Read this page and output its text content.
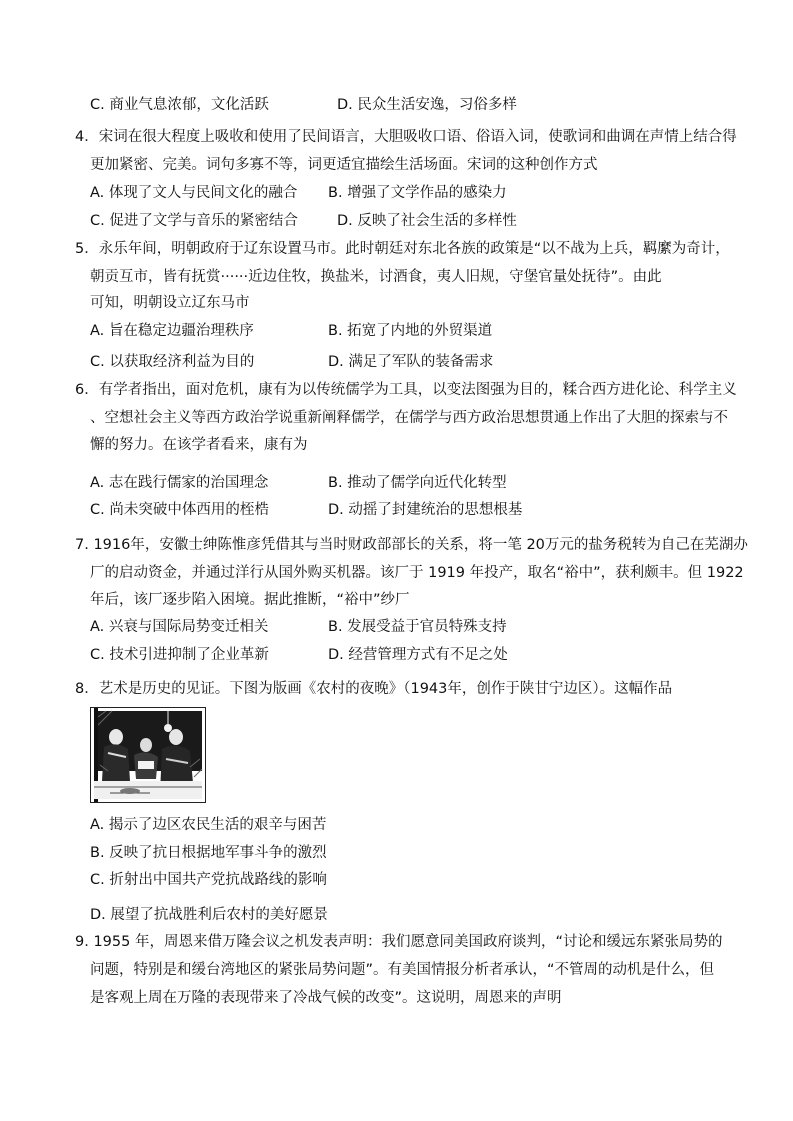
C. 商业气息浓郁，文化活跃	D. 民众生活安逸，习俗多样
4．宋词在很大程度上吸收和使用了民间语言，大胆吸收口语、俗语入词，使歌词和曲调在声情上结合得
更加紧密、完美。词句多寡不等，词更适宜描绘生活场面。宋词的这种创作方式
A. 体现了文人与民间文化的融合 B. 增强了文学作品的感染力
C. 促进了文学与音乐的紧密结合	D. 反映了社会生活的多样性
5．永乐年间，明朝政府于辽东设置马市。此时朝廷对东北各族的政策是“以不战为上兵，羁縻为奇计，
朝贡互市，皆有抚赏······近边住牧，换盐米，讨酒食，夷人旧规，守堡官量处抚待”。由此
可知，明朝设立辽东马市
A. 旨在稳定边疆治理秩序	B. 拓宽了内地的外贸渠道
C. 以获取经济利益为目的	D. 满足了军队的装备需求
6．有学者指出，面对危机，康有为以传统儒学为工具，以变法图强为目的，糅合西方进化论、科学主义
、空想社会主义等西方政治学说重新阐释儒学，在儒学与西方政治思想贯通上作出了大胆的探索与不
懈的努力。在该学者看来，康有为
A. 志在践行儒家的治国理念	B. 推动了儒学向近代化转型
C. 尚未突破中体西用的桎梏	D. 动摇了封建统治的思想根基
7. 1916年，安徽士绅陈惟彦凭借其与当时财政部部长的关系，将一笔 20万元的盐务税转为自己在芜湖办
厂的启动资金，并通过洋行从国外购买机器。该厂于 1919 年投产，取名“裕中”，获利颇丰。但 1922
年后，该厂逐步陷入困境。据此推断，“裕中”纱厂
A. 兴衰与国际局势变迁相关	B. 发展受益于官员特殊支持
C. 技术引进抑制了企业革新	D. 经营管理方式有不足之处
8．艺术是历史的见证。下图为版画《农村的夜晚》（1943年，创作于陕甘宁边区）。这幅作品
A. 揭示了边区农民生活的艰辛与困苦
B. 反映了抗日根据地军事斗争的激烈
C. 折射出中国共产党抗战路线的影响
D. 展望了抗战胜利后农村的美好愿景
9. 1955 年，周恩来借万隆会议之机发表声明：我们愿意同美国政府谈判，“讨论和缓远东紧张局势的
问题，特别是和缓台湾地区的紧张局势问题”。有美国情报分析者承认，“不管周的动机是什么，但
是客观上周在万隆的表现带来了冷战气候的改变”。这说明，周恩来的声明
